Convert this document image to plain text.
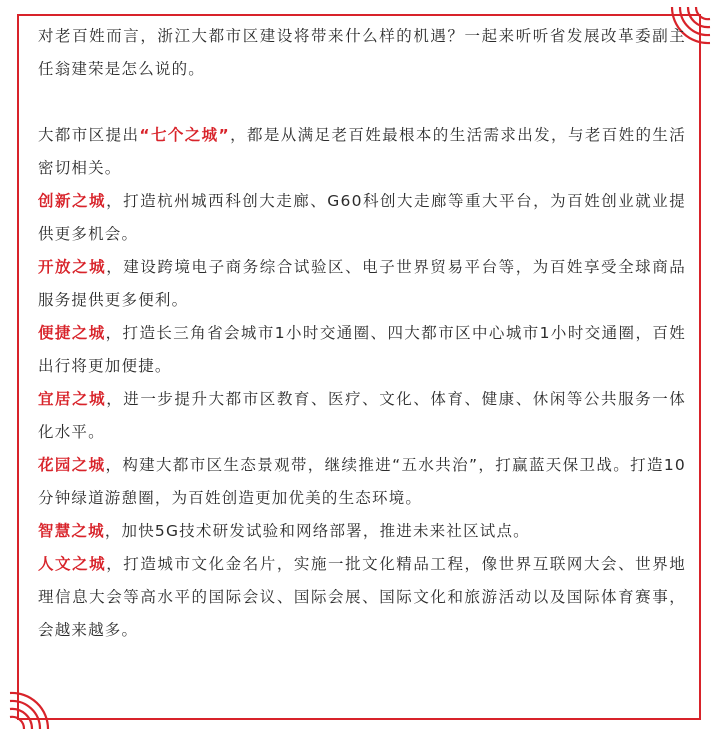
对老百姓而言，浙江大都市区建设将带来什么样的机遇？一起来听听省发展改革委副主任翁建荣是怎么说的。

大都市区提出“七个之城”，都是从满足老百姓最根本的生活需求出发，与老百姓的生活密切相关。

创新之城，打造杭州城西科创大走廊、G60科创大走廊等重大平台，为百姓创业就业提供更多机会。

开放之城，建设跨境电子商务综合试验区、电子世界贸易平台等，为百姓享受全球商品服务提供更多便利。

便捷之城，打造长三角省会城市1小时交通圈、四大都市区中心城市1小时交通圈，百姓出行将更加便捷。

宜居之城，进一步提升大都市区教育、医疗、文化、体育、健康、休闲等公共服务一体化水平。

花园之城，构建大都市区生态景观带，继续推进“五水共治”，打赢蓝天保卫战。打造10分钟绿道游憩圈，为百姓创造更加优美的生态环境。

智慧之城，加快5G技术研发试验和网络部署，推进未来社区试点。

人文之城，打造城市文化金名片，实施一批文化精品工程，像世界互联网大会、世界地理信息大会等高水平的国际会议、国际会展、国际文化和旅游活动以及国际体育赛事，会越来越多。
